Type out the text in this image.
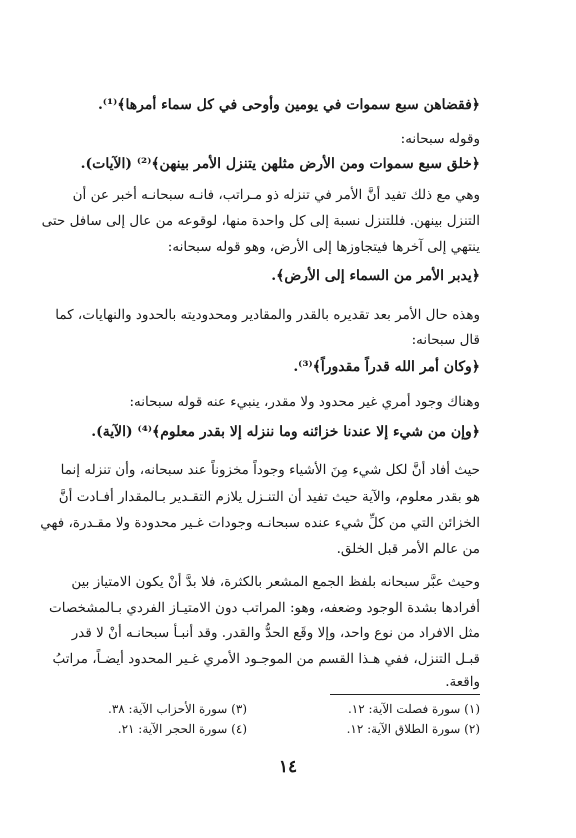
﴿فقضاهن سبع سموات في يومين وأوحى في كل سماء أمرها﴾⁽¹⁾.
وقوله سبحانه:
﴿خلق سبع سموات ومن الأرض مثلهن يتنزل الأمر بينهن﴾⁽²⁾ (الآيات).
وهي مع ذلك تفيد أنَّ الأمر في تنزله ذو مـراتب، فانـه سبحانـه أخبر عن أن
التنزل بينهن. فللتنزل نسبة إلى كل واحدة منها، لوقوعه من عال إلى سافل حتى
ينتهي إلى آخرها فيتجاوزها إلى الأرض، وهو قوله سبحانه:
﴿يدبر الأمر من السماء إلى الأرض﴾.
وهذه حال الأمر بعد تقديره بالقدر والمقادير ومحدوديته بالحدود والنهايات، كما
قال سبحانه:
﴿وكان أمر الله قدراً مقدوراً﴾⁽³⁾.
وهناك وجود أمري غير محدود ولا مقدر، ينبيء عنه قوله سبحانه:
﴿وإن من شيء إلا عندنا خزائنه وما ننزله إلا بقدر معلوم﴾⁽⁴⁾ (الآية).
حيث أفاد أنَّ لكل شيء مِنَ الأشياء وجوداً مخزوناً عند سبحانه، وأن تنزله إنما
هو بقدر معلوم، والآية حيث تفيد أن التنـزل يلازم التقـدير بـالمقدار أفـادت أنَّ
الخزائن التي من كلِّ شيء عنده سبحانـه وجودات غـير محدودة ولا مقـدرة، فهي
من عالم الأمر قبل الخلق.
وحيث عبَّر سبحانه بلفظ الجمع المشعر بالكثرة، فلا بدَّ أنْ يكون الامتياز بين
أفرادها بشدة الوجود وضعفه، وهو: المراتب دون الامتيـاز الفردي بـالمشخصات
مثل الافراد من نوع واحد، وإلا وقَع الحدُّ والقدر. وقد أنبـأ سبحانـه أنْ لا قدر
قبـل التنزل، ففي هـذا القسم من الموجـود الأمري غـير المحدود أيضـاً، مراتبُ
واقعة.
(١) سورة فصلت الآية: ١٢.
(٢) سورة الطلاق الآية: ١٢.
(٣) سورة الأحزاب الآية: ٣٨.
(٤) سورة الحجر الآية: ٢١.
١٤
